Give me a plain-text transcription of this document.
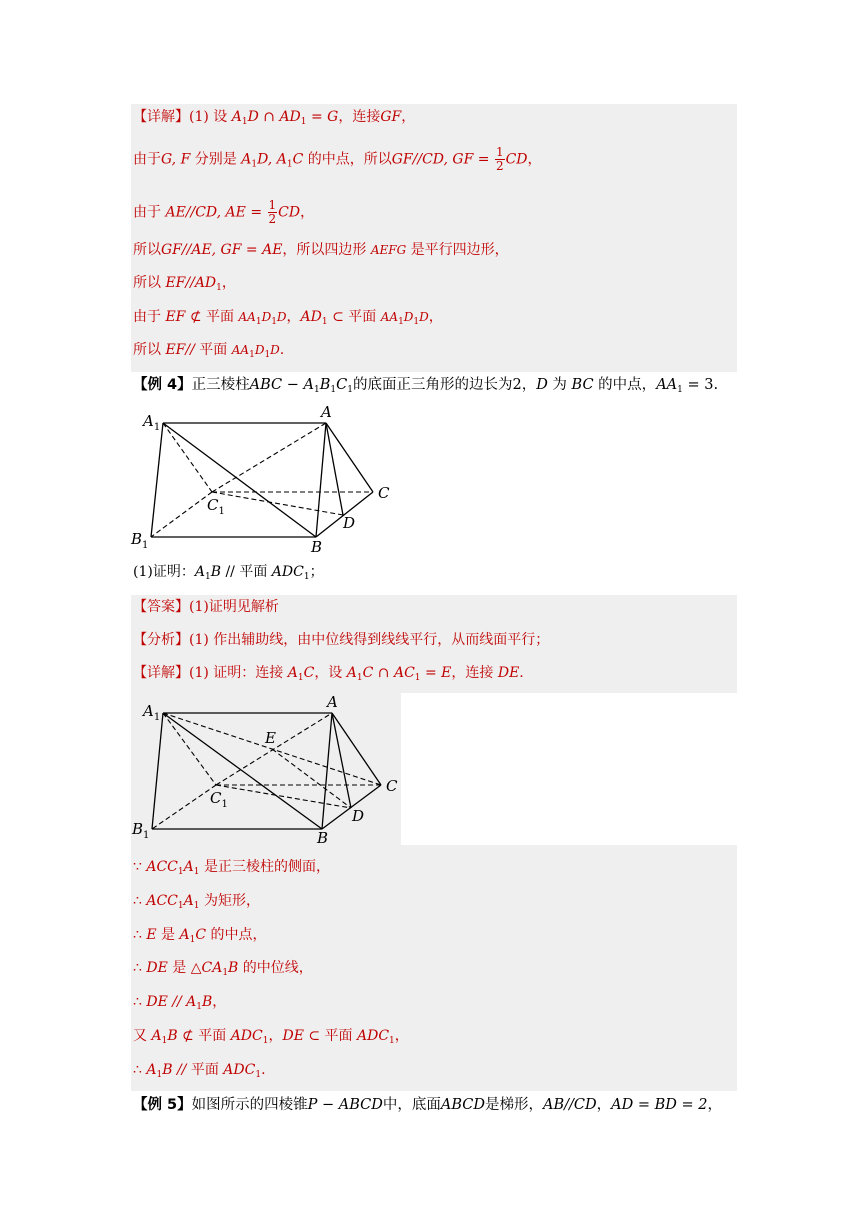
【详解】(1) 设 $A_1D$ ∩ $AD_1 = G$，连接GF，
由于G, F 分别是 $A_1D$, $A_1C$ 的中点，所以GF//CD, GF = $\frac{1}{2}$ CD，
由于 AE//CD, AE = $\frac{1}{2}$ CD，
所以GF//AE, GF = AE，所以四边形 AEFG 是平行四边形，
所以 $EF//AD_1$，
由于 EF ⊄ 平面 $AA_1D_1D$，$AD_1$ ⊂ 平面 $AA_1D_1D$，
所以 EF// 平面 $AA_1D_1D$.
【例 4】正三棱柱ABC − $A_1B_1C_1$的底面正三角形的边长为2，D 为 BC 的中点，$AA_1 = 3$.
$A_1$
A
$C_1$
C
D
$B_1$	B
(1)证明：$A_1B$ // 平面 $ADC_1$；
【答案】(1)证明见解析
【分析】(1) 作出辅助线，由中位线得到线线平行，从而线面平行；
【详解】(1) 证明：连接 $A_1C$，设 $A_1C$ ∩ $AC_1 = E$，连接 DE.
$A_1$
A
E
$C_1$
C
D
$B_1$	B
∵ $ACC_1A_1$ 是正三棱柱的侧面，
∴ $ACC_1A_1$ 为矩形，
∴ E 是 $A_1C$ 的中点，
∴ DE 是 $\triangle CA_1B$ 的中位线，
∴ DE // $A_1B$，
又 $A_1B$ ⊄ 平面 $ADC_1$，DE ⊂ 平面 $ADC_1$，
∴ $A_1B$ // 平面 $ADC_1$.
【例 5】如图所示的四棱锥P − ABCD中，底面ABCD是梯形，AB//CD，AD = BD = 2，
